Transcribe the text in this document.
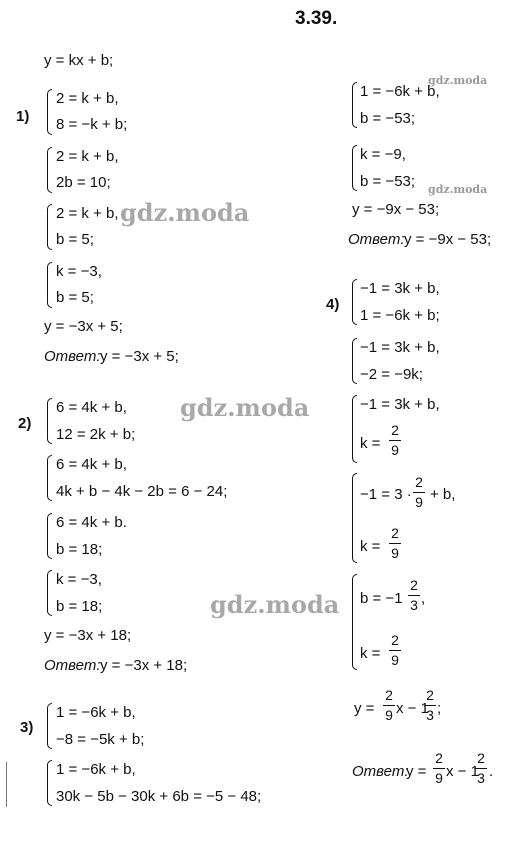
3.39.
y = kx + b;
gdz.moda
gdz.moda
gdz.moda
gdz.moda
gdz.moda
1)
2 = k + b,
8 = −k + b;
2 = k + b,
2b = 10;
2 = k + b,
b = 5;
k = −3,
b = 5;
y = −3x + 5;
Ответ: y = −3x + 5;
2)
6 = 4k + b,
12 = 2k + b;
6 = 4k + b,
4k + b − 4k − 2b = 6 − 24;
6 = 4k + b.
b = 18;
k = −3,
b = 18;
y = −3x + 18;
Ответ: y = −3x + 18;
3)
1 = −6k + b,
−8 = −5k + b;
1 = −6k + b,
30k − 5b − 30k + 6b = −5 − 48;
1 = −6k + b,
b = −53;
k = −9,
b = −53;
y = −9x − 53;
Ответ: y = −9x − 53;
4)
−1 = 3k + b,
1 = −6k + b;
−1 = 3k + b,
−2 = −9k;
−1 = 3k + b,
k =
2
9
−1 = 3 ·
2
9 + b,
k =
2
9
b = −1
2
3 ,
k =
2
9
y =
2
9 x − 1
2
3 ;
Ответ:
y =
2
9 x − 1
2
3 .
